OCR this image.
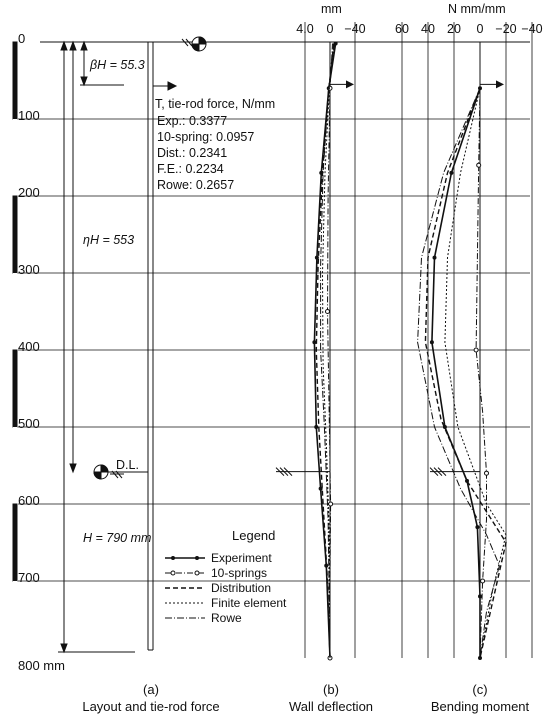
0
100
200
300
400
500
600
700
800 mm
βH = 55.3
ηH = 553
H = 790 mm
D.L.
T, tie-rod force, N/mm
Exp.: 0.3377
10-spring: 0.0957
Dist.: 0.2341
F.E.: 0.2234
Rowe: 0.2657
Legend
Experiment
10-springs
Distribution
Finite element
Rowe
4.0 0 −40 60 40 20 0 −20 −40
mm	N mm/mm
(a)
Layout and tie-rod force
(b)
Wall deflection
(c)
Bending moment
